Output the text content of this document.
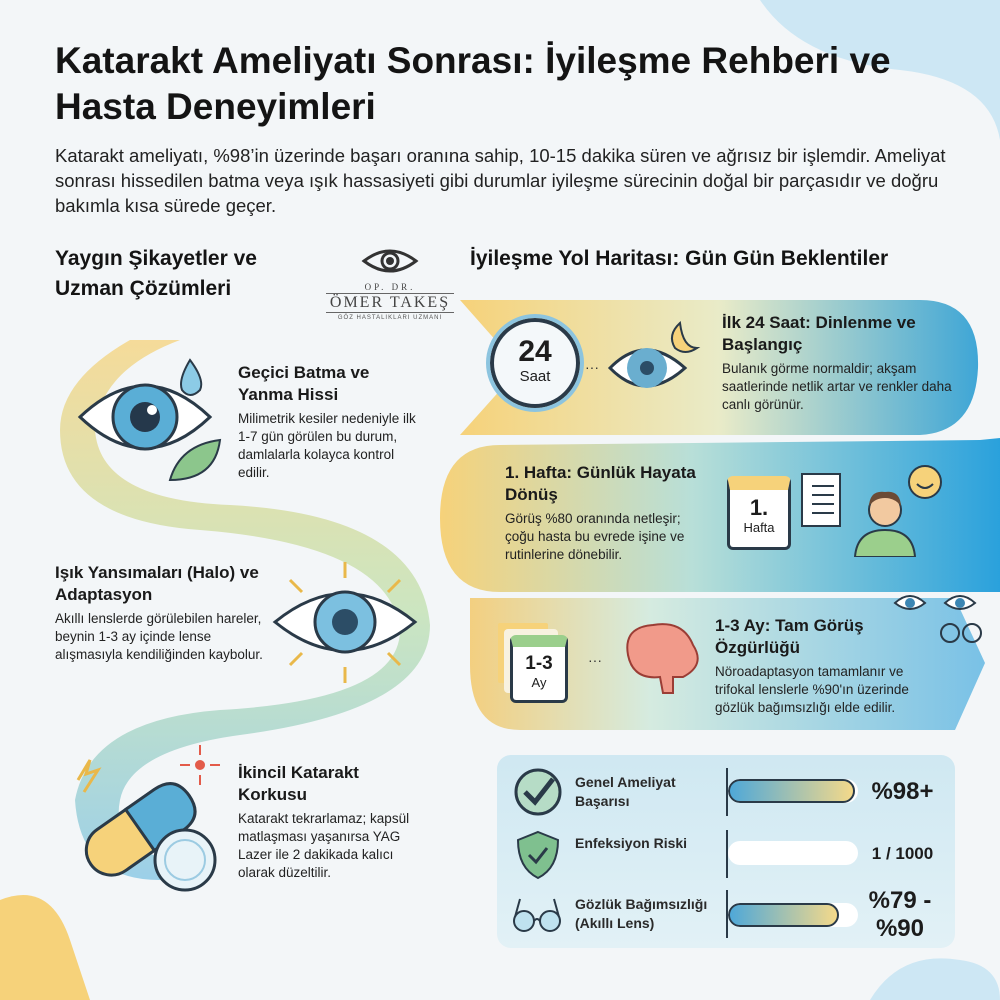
Katarakt Ameliyatı Sonrası: İyileşme Rehberi ve Hasta Deneyimleri

Katarakt ameliyatı, %98’in üzerinde başarı oranına sahip, 10-15 dakika süren ve ağrısız bir işlemdir. Ameliyat sonrası hissedilen batma veya ışık hassasiyeti gibi durumlar iyileşme sürecinin doğal bir parçasıdır ve doğru bakımla kısa sürede geçer.

Yaygın Şikayetler ve Uzman Çözümleri	OP. DR.
ÖMER TAKEŞ
GÖZ HASTALIKLARI UZMANI
İyileşme Yol Haritası: Gün Gün Beklentiler
Geçici Batma ve Yanma Hissi
Milimetrik kesiler nedeniyle ilk 1-7 gün görülen bu durum, damlalarla kolayca kontrol edilir.
Işık Yansımaları (Halo) ve Adaptasyon
Akıllı lenslerde görülebilen hareler, beynin 1-3 ay içinde lense alışmasıyla kendiliğinden kaybolur.
İkincil Katarakt Korkusu
Katarakt tekrarlamaz; kapsül matlaşması yaşanırsa YAG Lazer ile 2 dakikada kalıcı olarak düzeltilir.
24
Saat
···
İlk 24 Saat: Dinlenme ve Başlangıç
Bulanık görme normaldir; akşam saatlerinde netlik artar ve renkler daha canlı görünür.
1. Hafta: Günlük Hayata Dönüş
Görüş %80 oranında netleşir; çoğu hasta bu evrede işine ve rutinlerine dönebilir.
1.
Hafta
1-3
Ay
···
1-3 Ay: Tam Görüş Özgürlüğü
Nöroadaptasyon tamamlanır ve trifokal lenslerle %90'ın üzerinde gözlük bağımsızlığı elde edilir.
Genel Ameliyat Başarısı	%98+
Enfeksiyon Riski
1 / 1000
Gözlük Bağımsızlığı (Akıllı Lens)
%79 - %90
